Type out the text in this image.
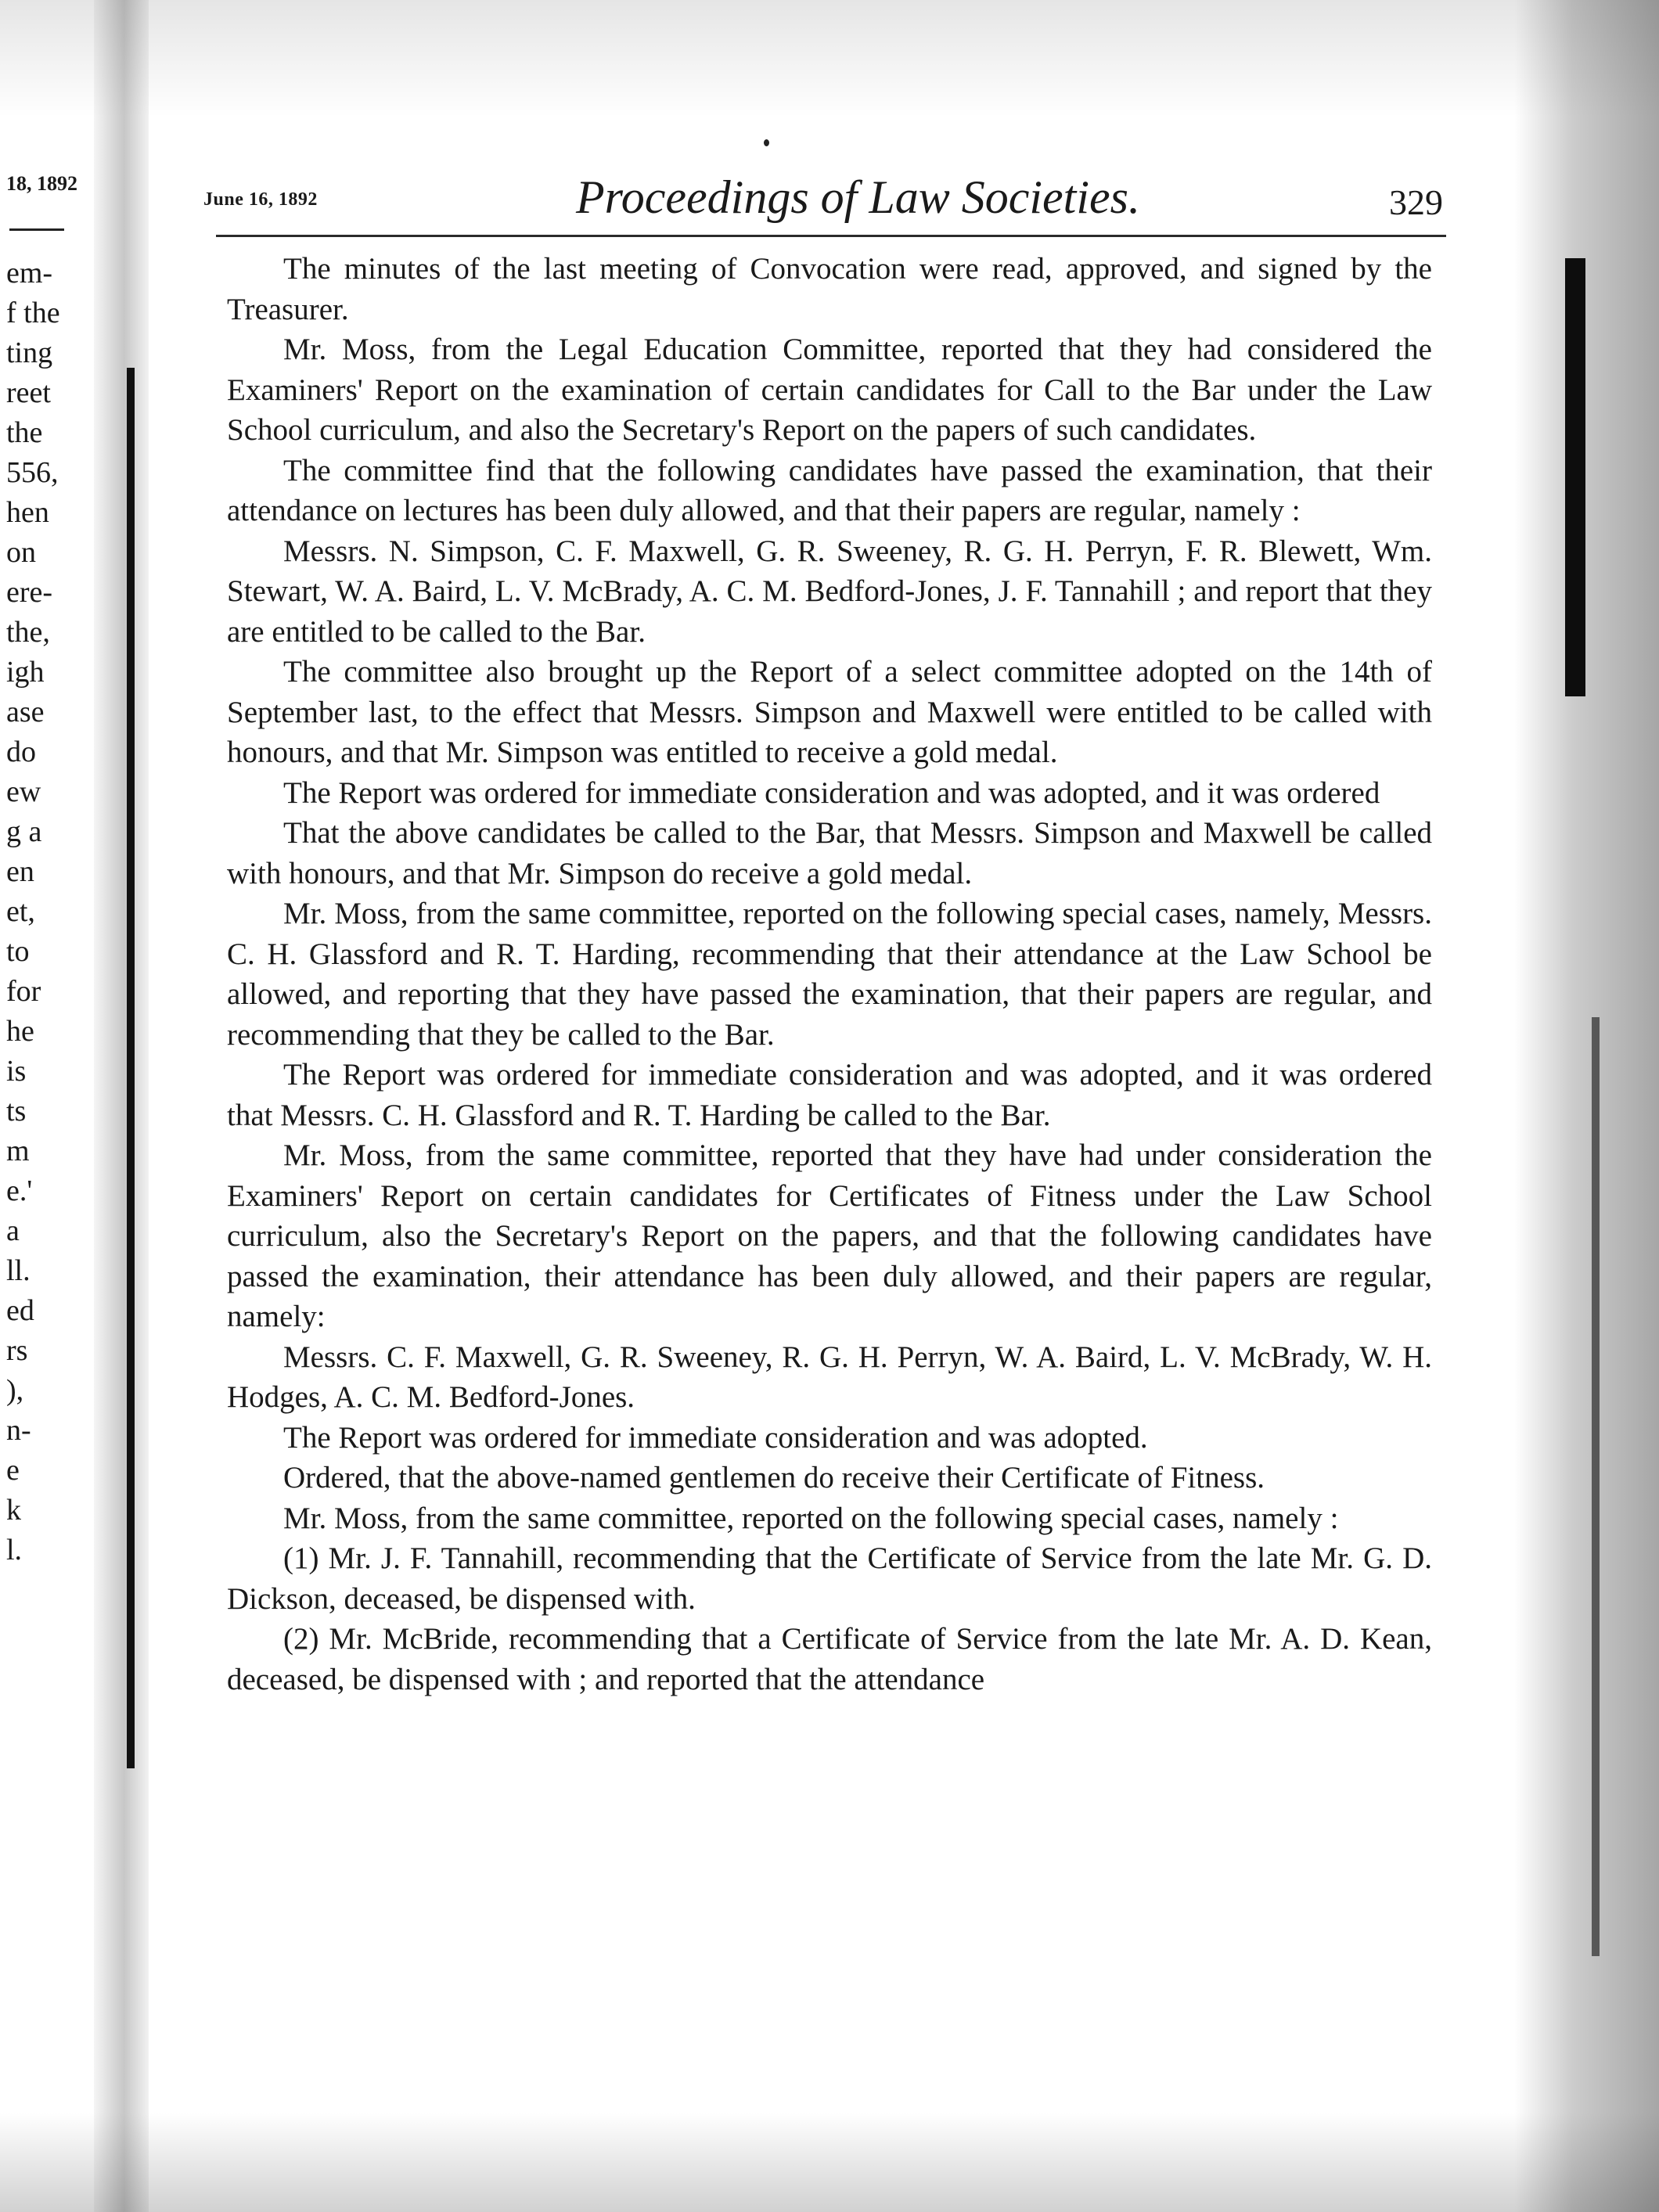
18, 1892
em-
f the
ting
reet
the
556,
hen
on
ere-
the,
igh
ase
do
ew
g a
en
et,
to
for
he
is
ts
m
e.'
a
ll.
ed
rs
),
n-
e
k
l.
June 16, 1892	Proceedings of Law Societies.	329

The minutes of the last meeting of Convocation were read, approved, and signed by the Treasurer.

Mr. Moss, from the Legal Education Committee, reported that they had considered the Examiners' Report on the examination of certain candidates for Call to the Bar under the Law School curriculum, and also the Secretary's Report on the papers of such candidates.

The committee find that the following candidates have passed the examination, that their attendance on lectures has been duly allowed, and that their papers are regular, namely :

Messrs. N. Simpson, C. F. Maxwell, G. R. Sweeney, R. G. H. Perryn, F. R. Blewett, Wm. Stewart, W. A. Baird, L. V. McBrady, A. C. M. Bedford-Jones, J. F. Tannahill ; and report that they are entitled to be called to the Bar.

The committee also brought up the Report of a select committee adopted on the 14th of September last, to the effect that Messrs. Simpson and Maxwell were entitled to be called with honours, and that Mr. Simpson was entitled to receive a gold medal.

The Report was ordered for immediate consideration and was adopted, and it was ordered

That the above candidates be called to the Bar, that Messrs. Simpson and Maxwell be called with honours, and that Mr. Simpson do receive a gold medal.

Mr. Moss, from the same committee, reported on the following special cases, namely, Messrs. C. H. Glassford and R. T. Harding, recommending that their attendance at the Law School be allowed, and reporting that they have passed the examination, that their papers are regular, and recommending that they be called to the Bar.

The Report was ordered for immediate consideration and was adopted, and it was ordered that Messrs. C. H. Glassford and R. T. Harding be called to the Bar.

Mr. Moss, from the same committee, reported that they have had under consideration the Examiners' Report on certain candidates for Certificates of Fitness under the Law School curriculum, also the Secretary's Report on the papers, and that the following candidates have passed the examination, their attendance has been duly allowed, and their papers are regular, namely:

Messrs. C. F. Maxwell, G. R. Sweeney, R. G. H. Perryn, W. A. Baird, L. V. McBrady, W. H. Hodges, A. C. M. Bedford-Jones.

The Report was ordered for immediate consideration and was adopted.

Ordered, that the above-named gentlemen do receive their Certificate of Fitness.

Mr. Moss, from the same committee, reported on the following special cases, namely :

(1) Mr. J. F. Tannahill, recommending that the Certificate of Service from the late Mr. G. D. Dickson, deceased, be dispensed with.

(2) Mr. McBride, recommending that a Certificate of Service from the late Mr. A. D. Kean, deceased, be dispensed with ; and reported that the attendance
